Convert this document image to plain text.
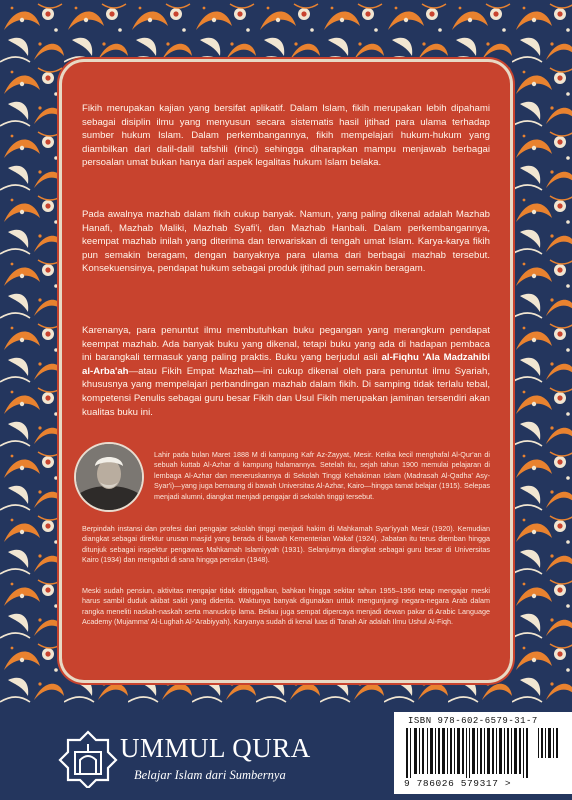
Fikih merupakan kajian yang bersifat aplikatif. Dalam Islam, fikih merupakan lebih dipahami sebagai disiplin ilmu yang menyusun secara sistematis hasil ijtihad para ulama terhadap sumber hukum Islam. Dalam perkembangannya, fikih mempelajari hukum-hukum yang diambilkan dari dalil-dalil tafshili (rinci) sehingga diharapkan mampu menjawab berbagai persoalan umat bukan hanya dari aspek legalitas hukum Islam belaka.
Pada awalnya mazhab dalam fikih cukup banyak. Namun, yang paling dikenal adalah Mazhab Hanafi, Mazhab Maliki, Mazhab Syafi'i, dan Mazhab Hanbali. Dalam perkembangannya, keempat mazhab inilah yang diterima dan terwariskan di tengah umat Islam. Karya-karya fikih pun semakin beragam, dengan banyaknya para ulama dari berbagai mazhab tersebut. Konsekuensinya, pendapat hukum sebagai produk ijtihad pun semakin beragam.
Karenanya, para penuntut ilmu membutuhkan buku pegangan yang merangkum pendapat keempat mazhab. Ada banyak buku yang dikenal, tetapi buku yang ada di hadapan pembaca ini barangkali termasuk yang paling praktis. Buku yang berjudul asli al-Fiqhu 'Ala Madzahibi al-Arba'ah—atau Fikih Empat Mazhab—ini cukup dikenal oleh para penuntut ilmu Syariah, khususnya yang mempelajari perbandingan mazhab dalam fikih. Di samping tidak terlalu tebal, kompetensi Penulis sebagai guru besar Fikih dan Usul Fikih merupakan jaminan tersendiri akan kualitas buku ini.
Lahir pada bulan Maret 1888 M di kampung Kafr Az-Zayyat, Mesir. Ketika kecil menghafal Al-Qur'an di sebuah kuttab Al-Azhar di kampung halamannya. Setelah itu, sejah tahun 1900 memulai pelajaran di lembaga Al-Azhar dan meneruskannya di Sekolah Tinggi Kehakiman Islam (Madrasah Al-Qadha' Asy-Syar'i)—yang juga bernaung di bawah Universitas Al-Azhar, Kairo—hingga tamat belajar (1915). Selepas menjadi alumni, diangkat menjadi pengajar di sekolah tinggi tersebut.
Berpindah instansi dan profesi dari pengajar sekolah tinggi menjadi hakim di Mahkamah Syar'iyyah Mesir (1920). Kemudian diangkat sebagai direktur urusan masjid yang berada di bawah Kementerian Wakaf (1924). Jabatan itu terus diemban hingga ditunjuk sebagai inspektur pengawas Mahkamah Islamiyyah (1931). Selanjutnya diangkat sebagai guru besar di Universitas Kairo (1934) dan mengabdi di sana hingga pensiun (1948).
Meski sudah pensiun, aktivitas mengajar tidak ditinggalkan, bahkan hingga sekitar tahun 1955–1956 tetap mengajar meski harus sambil duduk akibat sakit yang diderita. Waktunya banyak digunakan untuk mengunjungi negara-negara Arab dalam rangka meneliti naskah-naskah serta manuskrip lama. Beliau juga sempat dipercaya menjadi dewan pakar di Arabic Language Academy (Mujamma' Al-Lughah Al-'Arabiyyah). Karyanya sudah di kenal luas di Tanah Air adalah Ilmu Ushul Al-Fiqh.
UMMUL QURA
Belajar Islam dari Sumbernya
ISBN 978-602-6579-31-7
9 786026 579317 >
